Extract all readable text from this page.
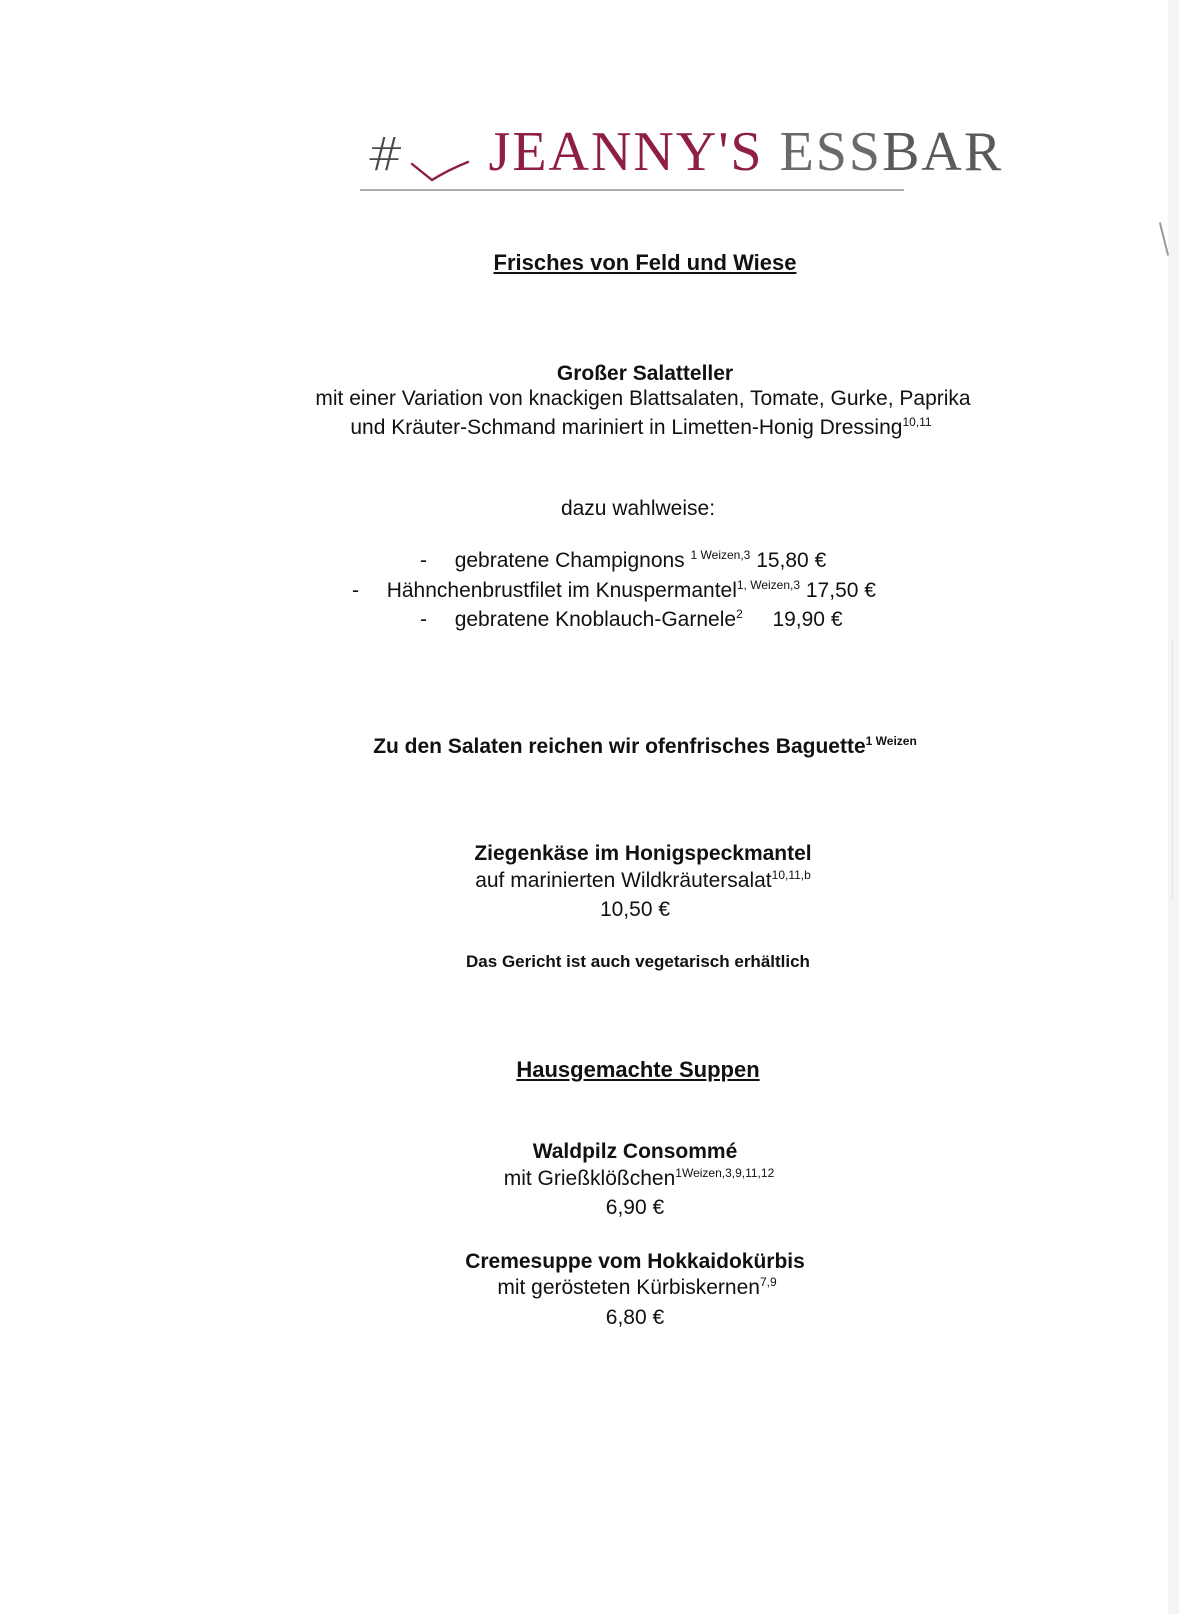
# JEANNY'S ESSBAR
Frisches von Feld und Wiese
Großer Salatteller
mit einer Variation von knackigen Blattsalaten, Tomate, Gurke, Paprika
und Kräuter-Schmand mariniert in Limetten-Honig Dressing$^{10,11}$
dazu wahlweise:
- gebratene Champignons $^{1 Weizen,3}$ 15,80 €
- Hähnchenbrustfilet im Knuspermantel$^{1, Weizen,3}$ 17,50 €
- gebratene Knoblauch-Garnele$^2$ 19,90 €
Zu den Salaten reichen wir ofenfrisches Baguette$^{1 Weizen}$
Ziegenkäse im Honigspeckmantel
auf marinierten Wildkräutersalat$^{10,11,b}$
10,50 €
Das Gericht ist auch vegetarisch erhältlich
Hausgemachte Suppen
Waldpilz Consommé
mit Grießklößchen$^{1Weizen,3,9,11,12}$
6,90 €
Cremesuppe vom Hokkaidokürbis
mit gerösteten Kürbiskernen$^{7,9}$
6,80 €
